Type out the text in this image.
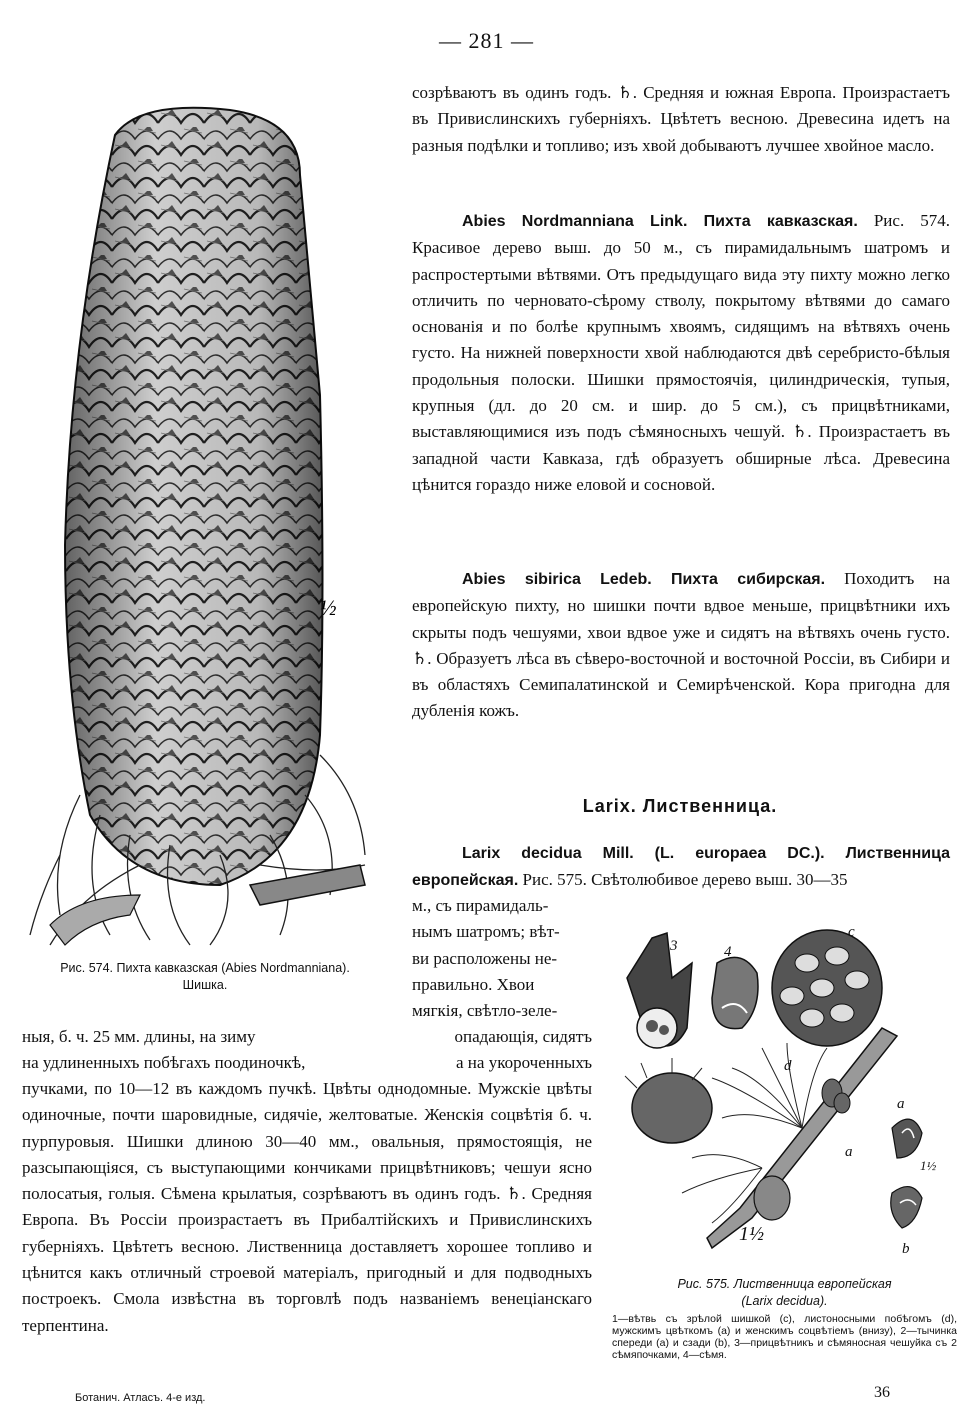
— 281 —
½
Рис. 574. Пихта кавказская (Abies Nordmanniana).
Шишка.

созрѣваютъ въ одинъ годъ. ♄. Средняя и южная Европа. Произрастаетъ въ Привислинскихъ губерніяхъ. Цвѣтетъ весною. Древесина идетъ на разныя подѣлки и топливо; изъ хвой добываютъ лучшее хвойное масло.

Abies Nordmanniana Link. Пихта кавказская. Рис. 574. Красивое дерево выш. до 50 м., съ пирамидальнымъ шатромъ и распростертыми вѣтвями. Отъ предыдущаго вида эту пихту можно легко отличить по черновато-сѣрому стволу, покрытому вѣтвями до самаго основанія и по болѣе крупнымъ хвоямъ, сидящимъ на вѣтвяхъ очень густо. На нижней поверхности хвой наблюдаются двѣ серебристо-бѣлыя продольныя полоски. Шишки прямостоячія, цилиндрическія, тупыя, крупныя (дл. до 20 см. и шир. до 5 см.), съ прицвѣтниками, выставляющимися изъ подъ сѣмяносныхъ чешуй. ♄. Произрастаетъ въ западной части Кавказа, гдѣ образуетъ обширные лѣса. Древесина цѣнится гораздо ниже еловой и сосновой.

Abies sibirica Ledeb. Пихта сибирская. Походитъ на европейскую пихту, но шишки почти вдвое меньше, прицвѣтники ихъ скрыты подъ чешуями, хвои вдвое уже и сидятъ на вѣтвяхъ очень густо. ♄. Образуетъ лѣса въ сѣверо-восточной и восточной Россіи, въ Сибири и въ областяхъ Семипалатинской и Семирѣченской. Кора пригодна для дубленія кожъ.

Larix. Лиственница.

Larix decidua Mill. (L. europaea DC.). Лиственница европейская. Рис. 575. Свѣтолюбивое дерево выш. 30—35

м., съ пирамидаль-
нымъ шатромъ; вѣт-
ви расположены не-
правильно. Хвои
мягкія, свѣтло-зеле-
ныя, б. ч. 25 мм. длины, на зиму	опадающія, сидятъ
на удлиненныхъ побѣгахъ поодиночкѣ,	а на укороченныхъ

пучками, по 10—12 въ каждомъ пучкѣ. Цвѣты однодомные. Мужскіе цвѣты одиночные, почти шаровидные, сидячіе, желтоватые. Женскія соцвѣтія б. ч. пурпуровыя. Шишки длиною 30—40 мм., овальныя, прямостоящія, не разсыпающіяся, съ выступающими кончиками прицвѣтниковъ; чешуи ясно полосатыя, голыя. Сѣмена крылатыя, созрѣваютъ въ одинъ годъ. ♄. Средняя Европа. Въ Россіи произрастаетъ въ Прибалтійскихъ и Привислинскихъ губерніяхъ. Цвѣтетъ весною. Лиственница доставляетъ хорошее топливо и цѣнится какъ отличный строевой матеріалъ, пригодный и для подводныхъ построекъ. Смола извѣстна въ торговлѣ подъ названіемъ венеціанскаго терпентина.

3	4
c
d
a
a
b
1½
1½
Рис. 575. Лиственница европейская
(Larix decidua).
1—вѣтвь съ зрѣлой шишкой (c), листоносными побѣгомъ (d), мужскимъ цвѣткомъ (a) и женскимъ соцвѣтіемъ (внизу), 2—тычинка спереди (a) и сзади (b), 3—прицвѣтникъ и сѣмяносная чешуйка съ 2 сѣмяпочками, 4—сѣмя.
Ботанич. Атласъ. 4-е изд.	36
